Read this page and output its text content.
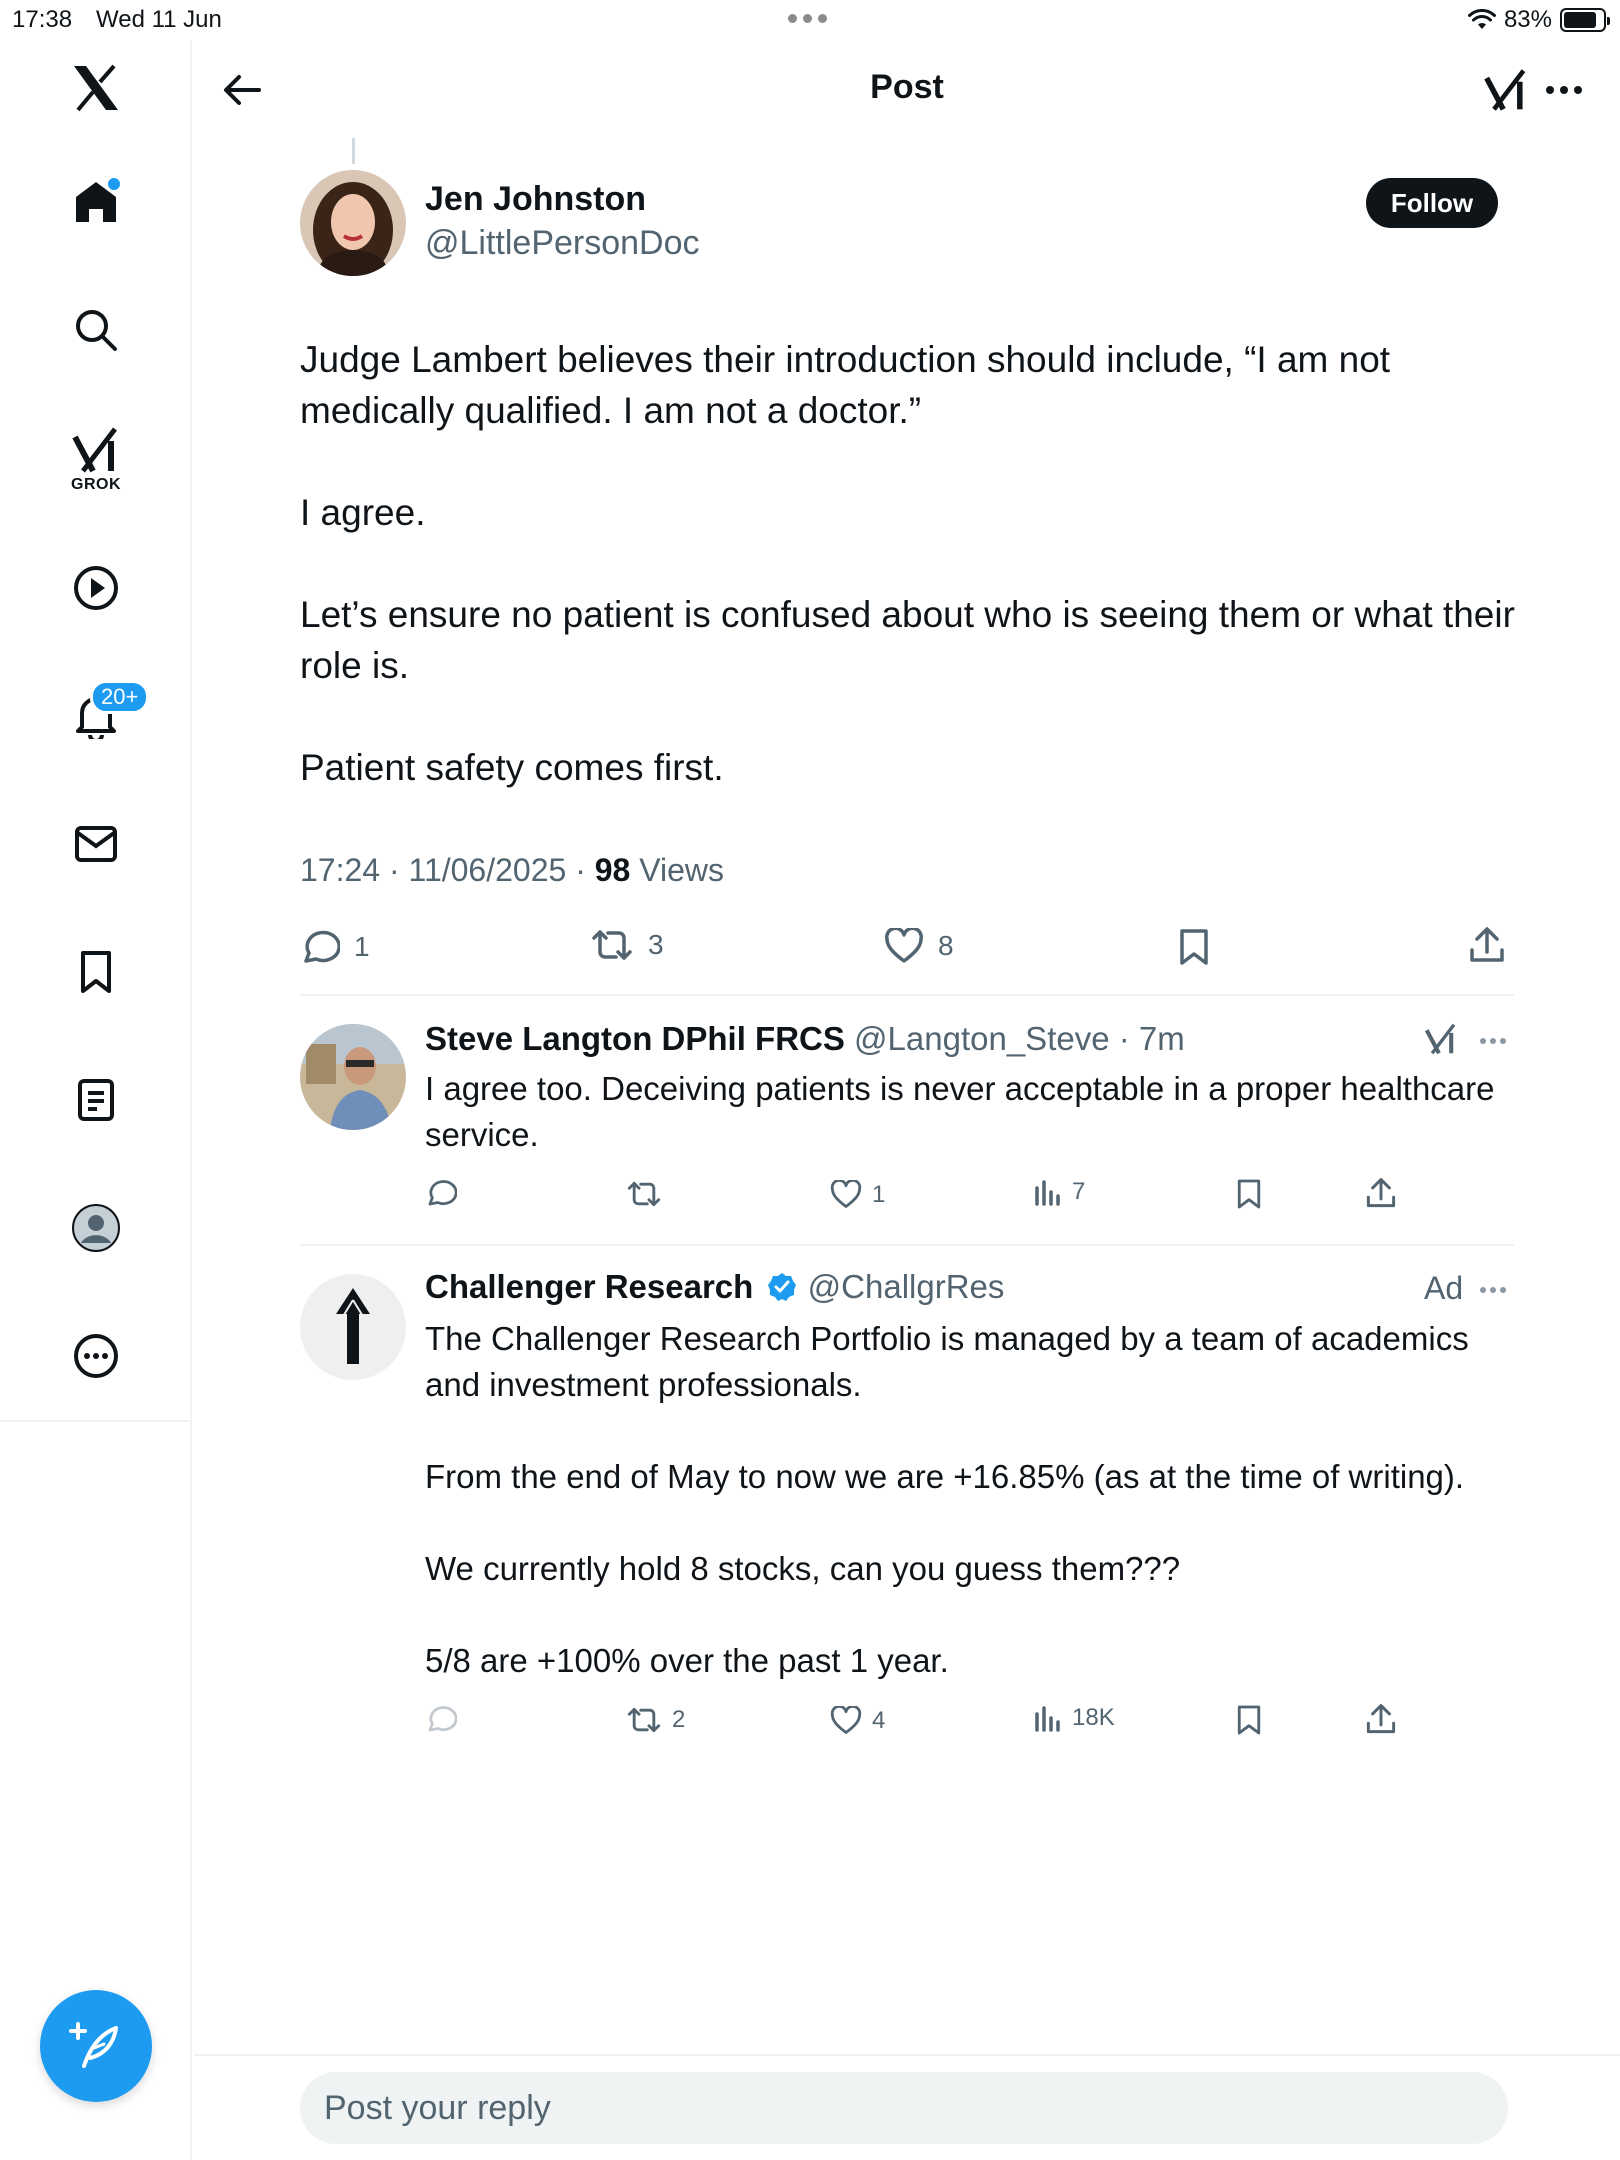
17:38 Wed 11 Jun	83%
GROK
20+
Post
Jen Johnston
@LittlePersonDoc
Follow

Judge Lambert believes their introduction should include, “I am not medically qualified. I am not a doctor.”

I agree.

Let’s ensure no patient is confused about who is seeing them or what their role is.

Patient safety comes first.

17:24 · 11/06/2025 · 98 Views
1	3	8
Steve Langton DPhil FRCS @Langton_Steve · 7m

I agree too. Deceiving patients is never acceptable in a proper healthcare service.

1	7
Challenger Research @ChallgrRes	Ad

The Challenger Research Portfolio is managed by a team of academics and investment professionals.

From the end of May to now we are +16.85% (as at the time of writing).

We currently hold 8 stocks, can you guess them???

5/8 are +100% over the past 1 year.

2	4	18K
Post your reply
